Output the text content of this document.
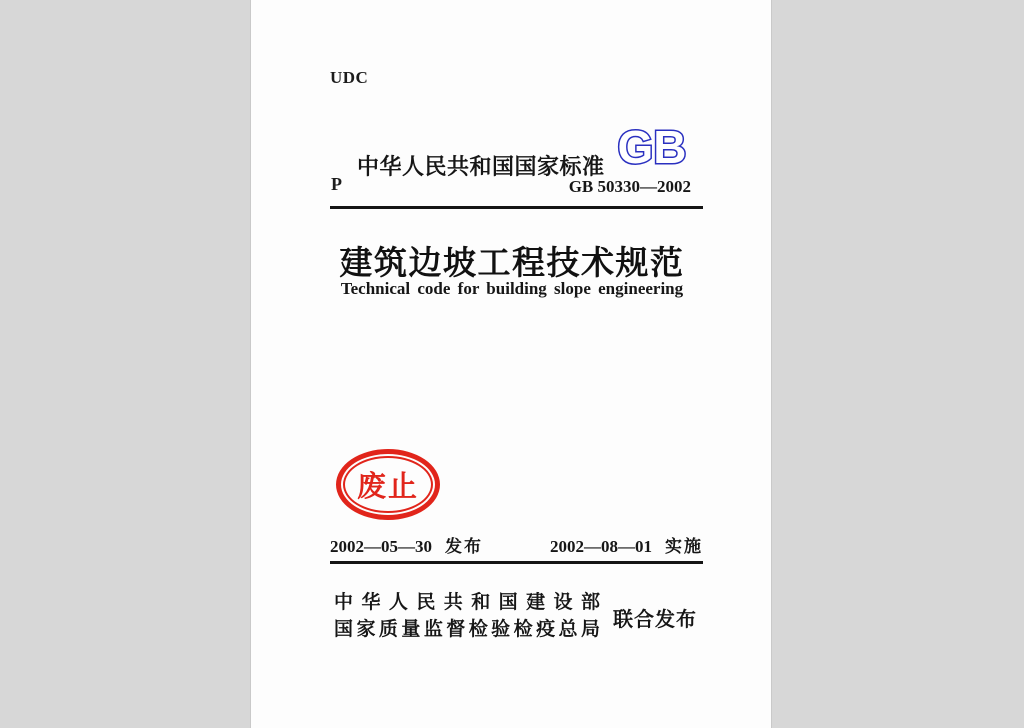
UDC
中华人民共和国国家标准 GB
P	GB 50330—2002
建筑边坡工程技术规范
Technical code for building slope engineering
废止
2002—05—30 发布	2002—08—01 实施
中华人民共和国建设部
国家质量监督检验检疫总局 联合发布
